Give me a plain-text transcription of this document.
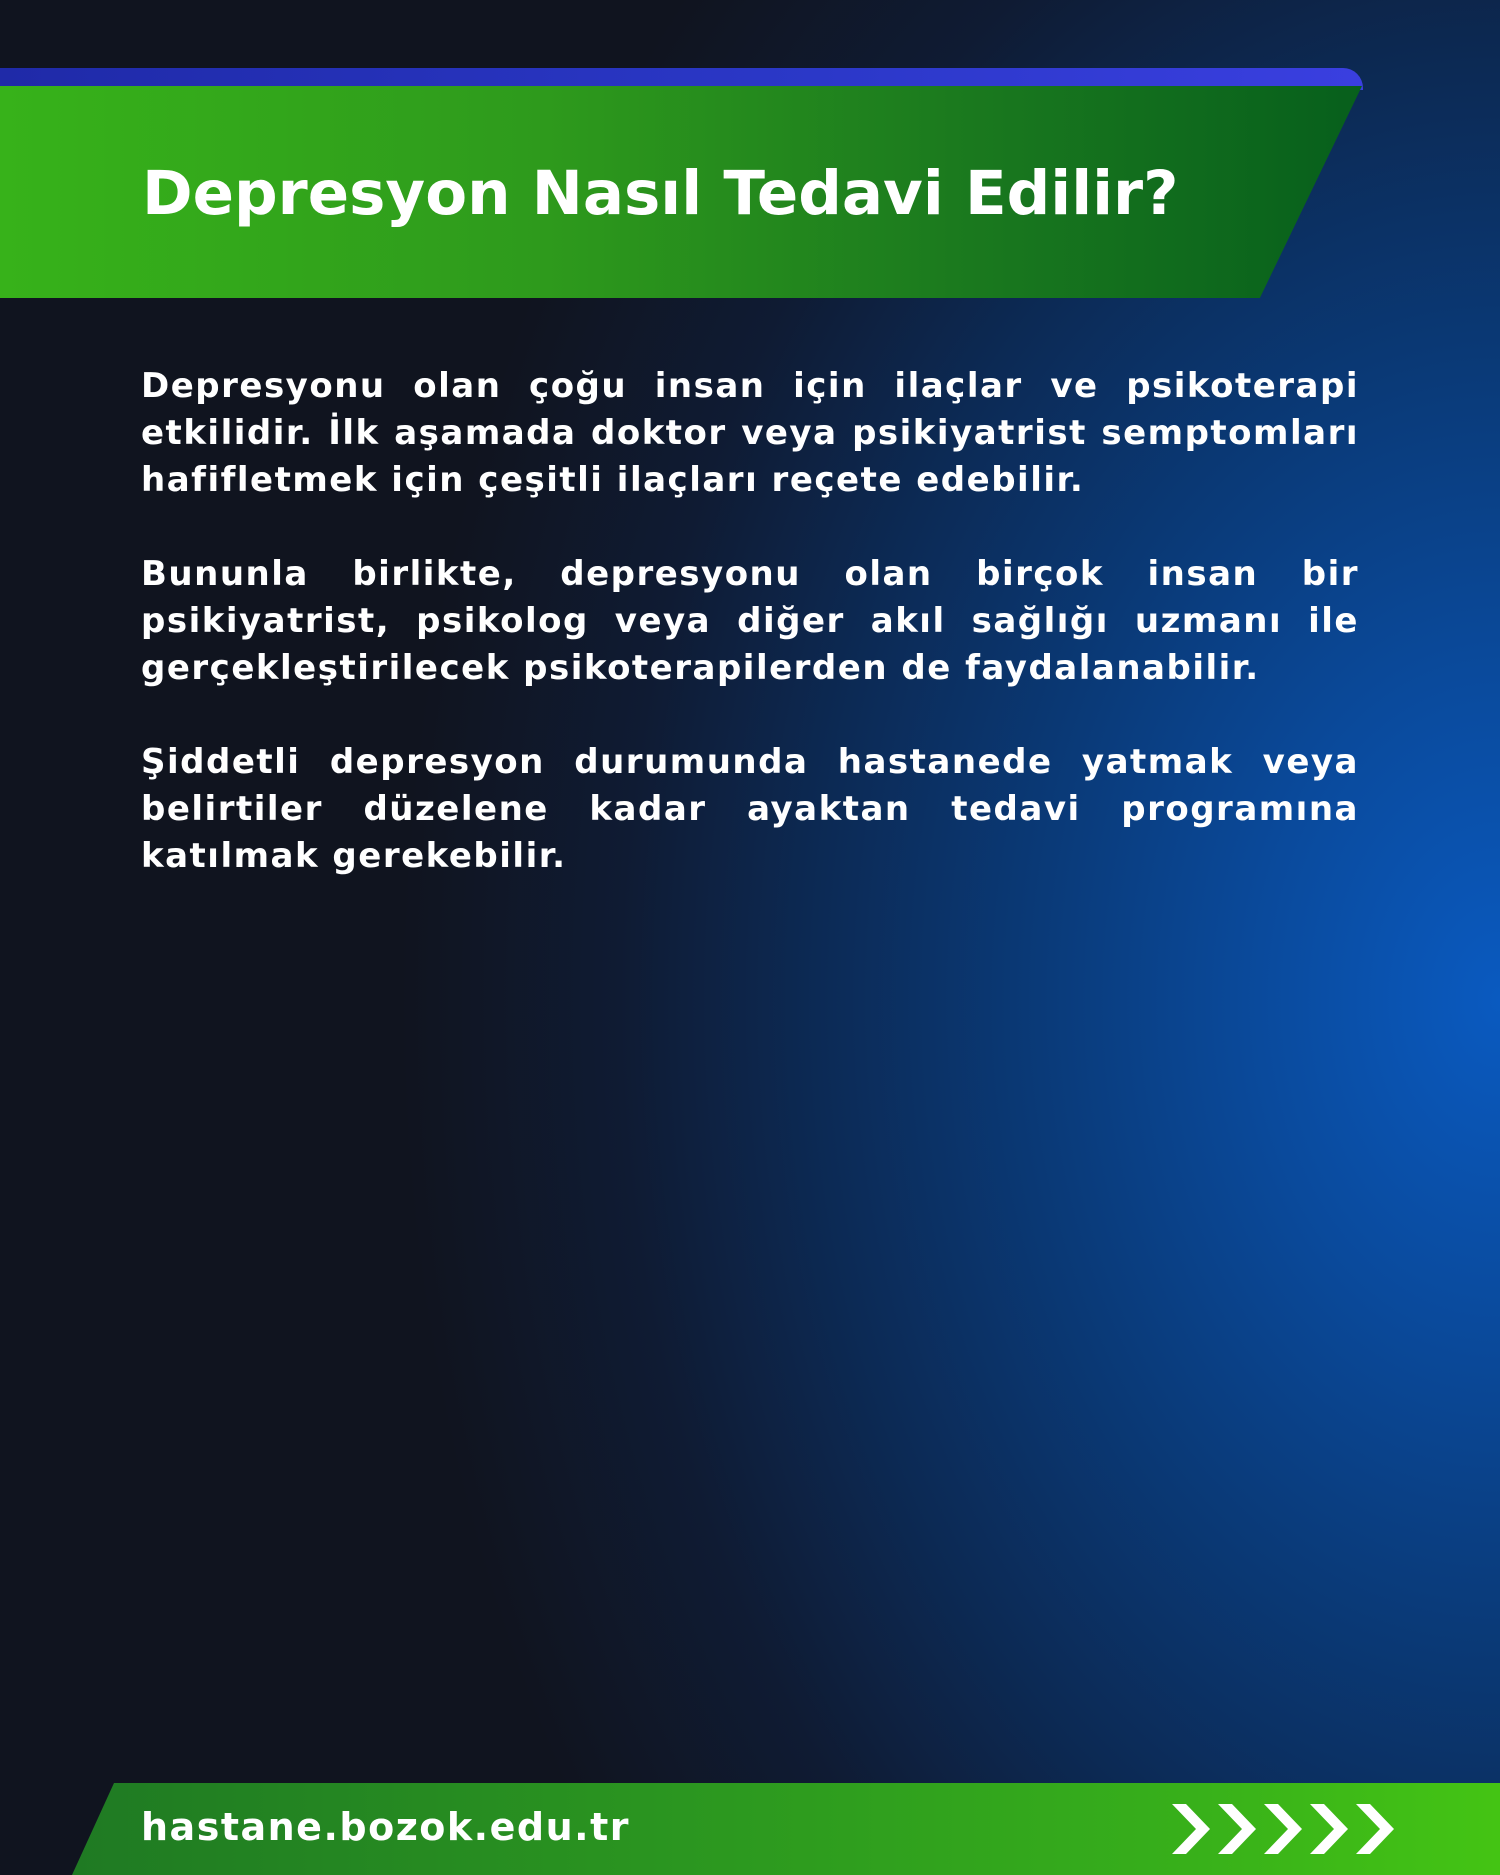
Depresyon Nasıl Tedavi Edilir?

Depresyonu olan çoğu insan için ilaçlar ve psikoterapi etkilidir. İlk aşamada doktor veya psikiyatrist semptomları hafifletmek için çeşitli ilaçları reçete edebilir.

Bununla birlikte, depresyonu olan birçok insan bir psikiyatrist, psikolog veya diğer akıl sağlığı uzmanı ile gerçekleştirilecek psikoterapilerden de faydalanabilir.

Şiddetli depresyon durumunda hastanede yatmak veya belirtiler düzelene kadar ayaktan tedavi programına katılmak gerekebilir.

hastane.bozok.edu.tr
